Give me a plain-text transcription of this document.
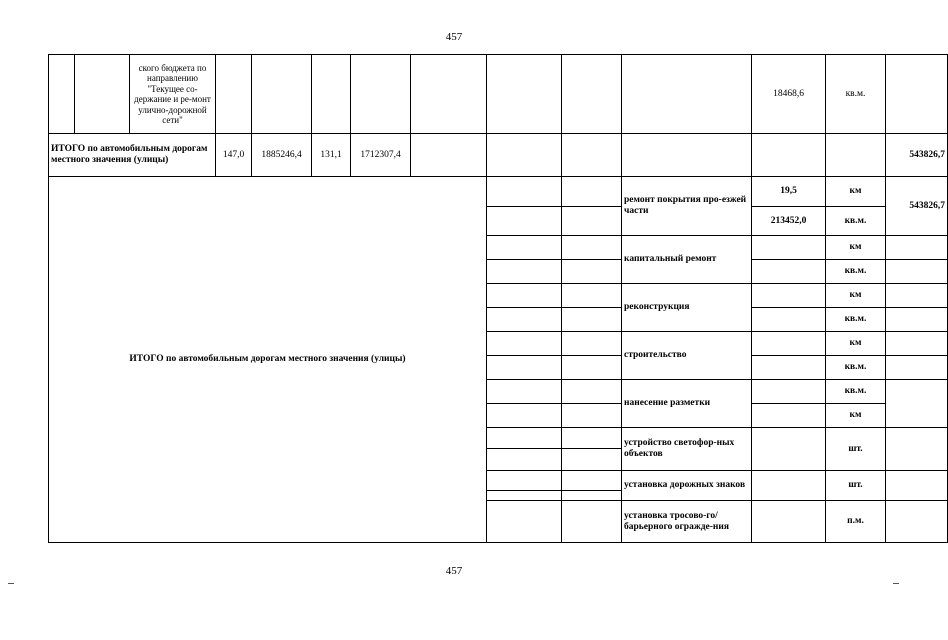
457
		ского бюджета по направлению "Текущее со-держание и ре-монт улично-дорожной сети"									18468,6	кв.м.	
ИТОГО по автомобильным дорогам местного значения (улицы)			147,0	1885246,4	131,1	1712307,4							543826,7
ИТОГО по автомобильным дорогам местного значения (улицы)										ремонт покрытия про-езжей части	19,5	км	543826,7
											213452,0	кв.м.	
										капитальный ремонт		км	
												кв.м.	
										реконструкция		км	
												кв.м.	
										строительство		км	
												кв.м.	
										нанесение разметки		кв.м.	
												км	
										устройство светофор-ных объектов		шт.	

										установка дорожных знаков		шт.	

										установка тросово-го/барьерного огражде-ния		п.м.	
457
